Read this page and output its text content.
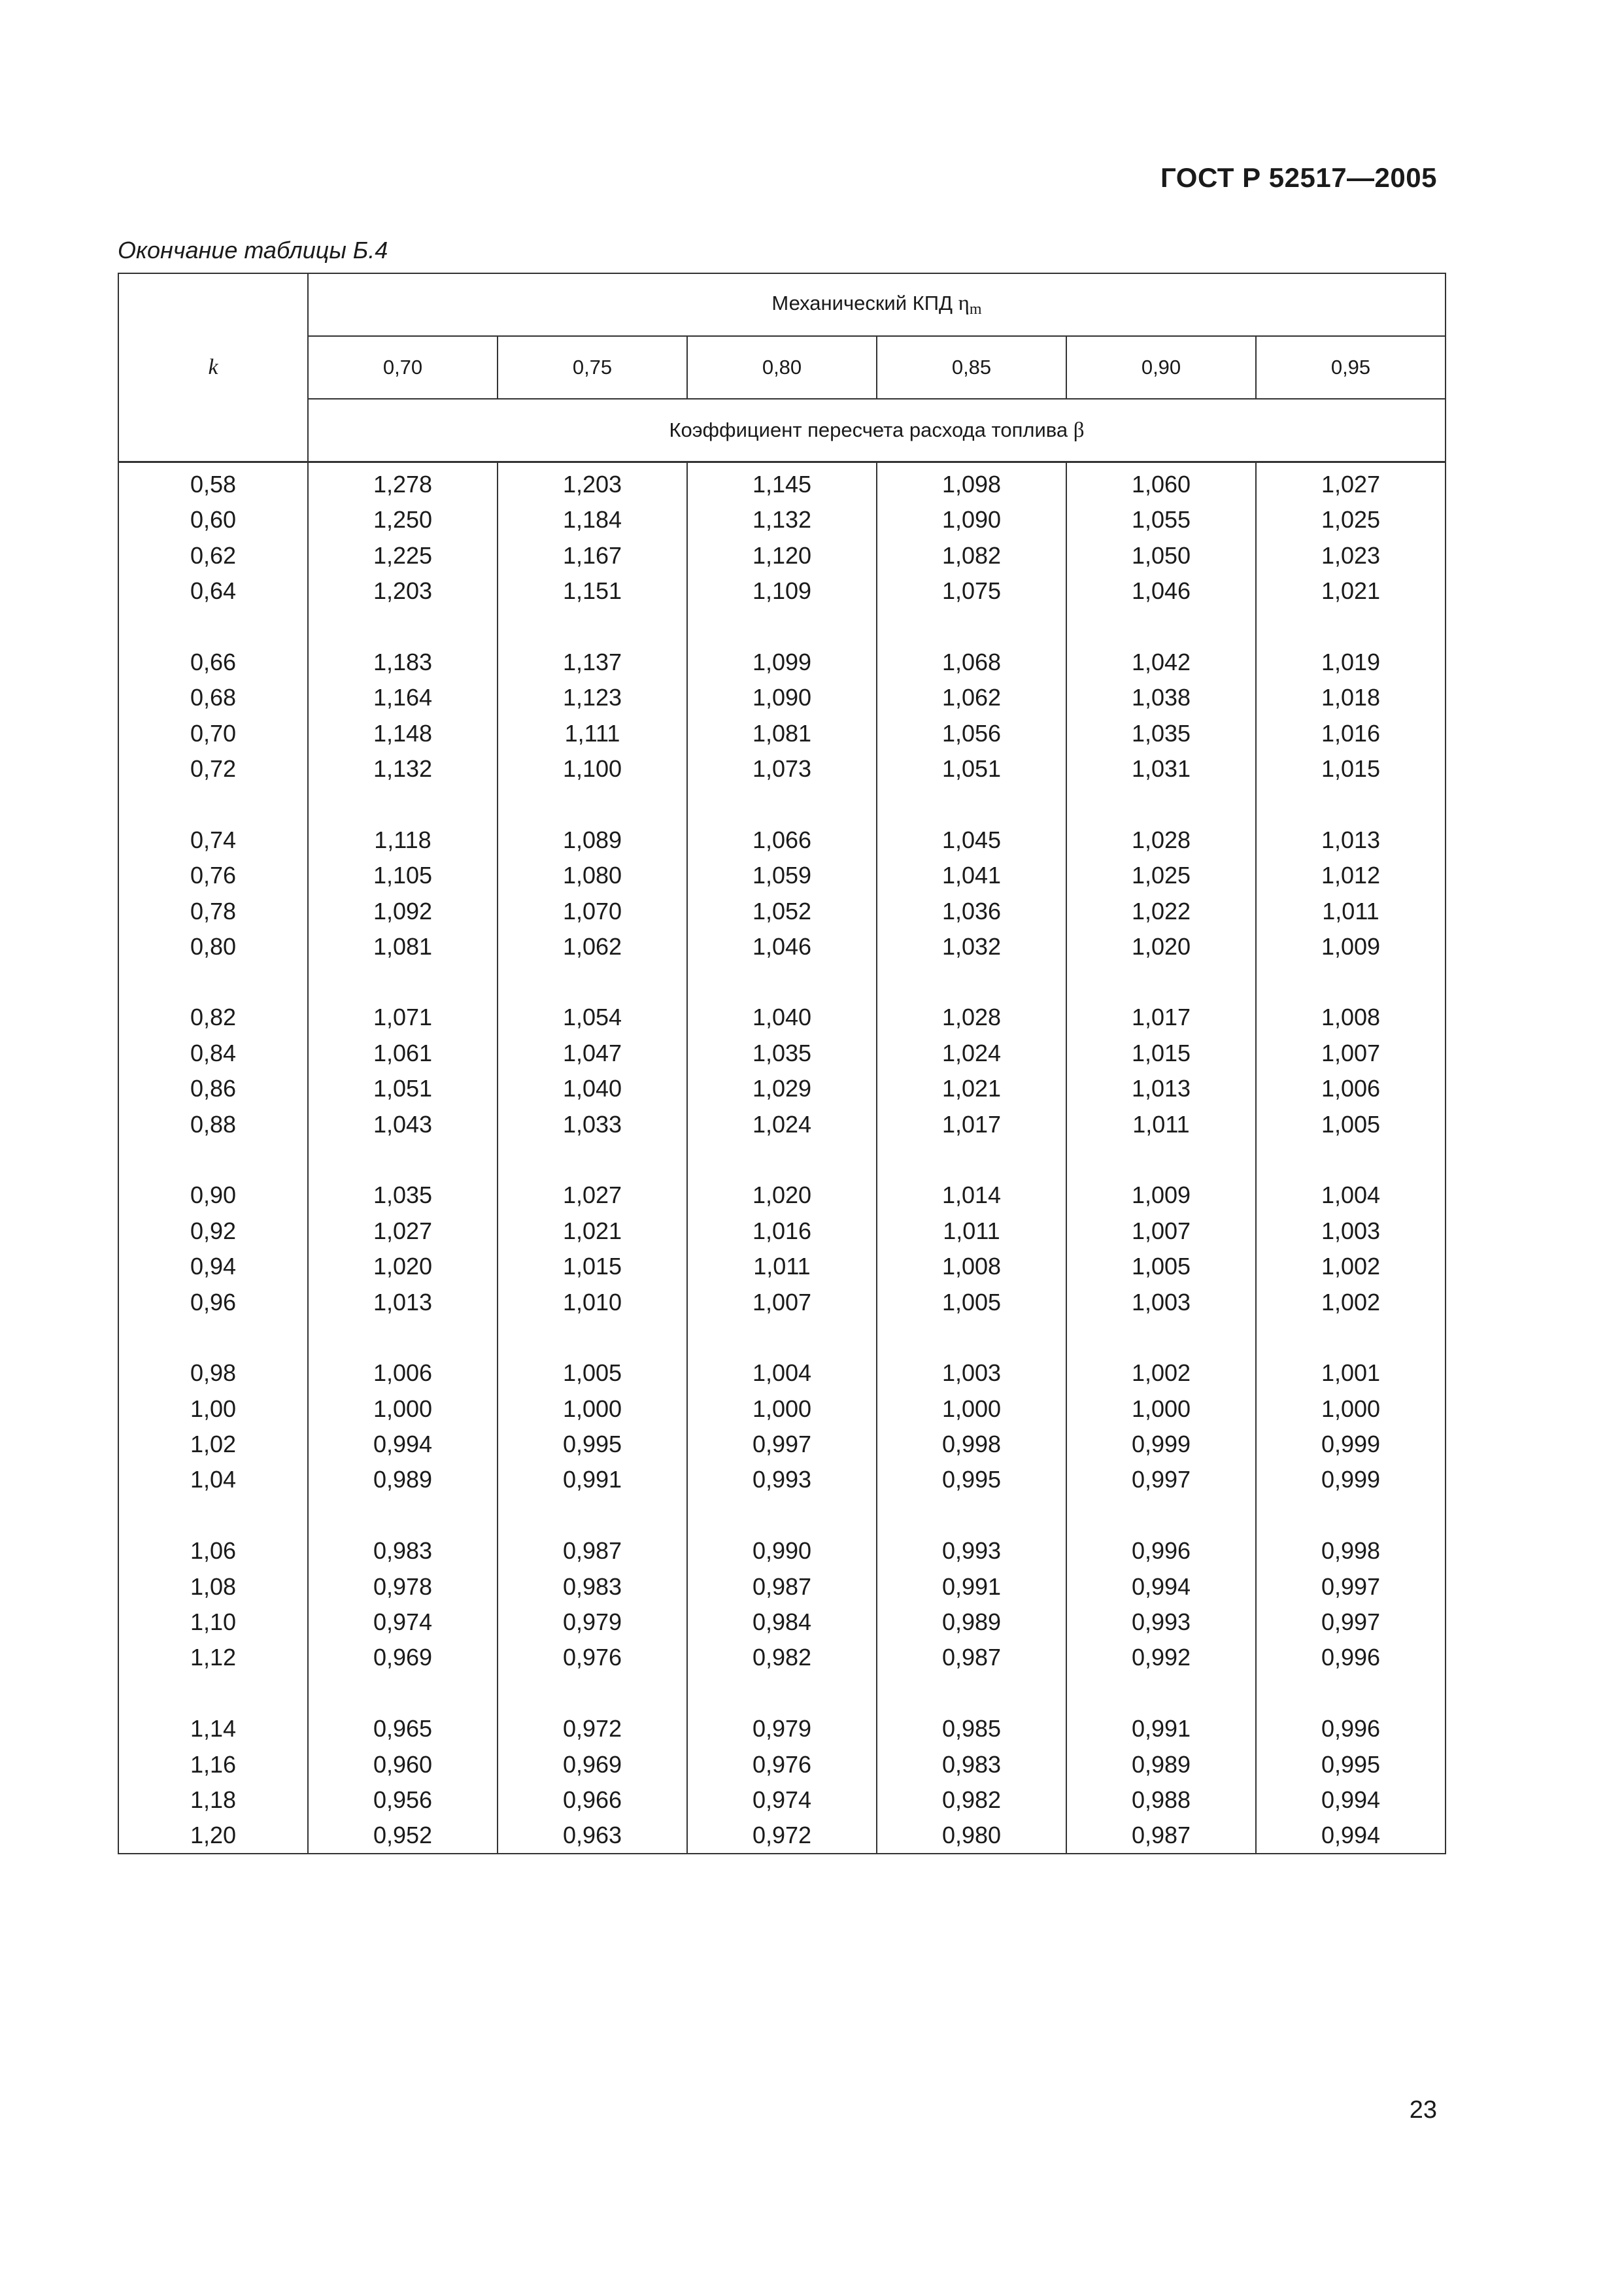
ГОСТ Р 52517—2005
Окончание таблицы Б.4
k	Механический КПД $\eta_m$
	0,70	0,75	0,80	0,85	0,90	0,95
	Коэффициент пересчета расхода топлива β					
0,58	1,278	1,203	1,145	1,098	1,060	1,027
0,60	1,250	1,184	1,132	1,090	1,055	1,025
0,62	1,225	1,167	1,120	1,082	1,050	1,023
0,64	1,203	1,151	1,109	1,075	1,046	1,021
0,66	1,183	1,137	1,099	1,068	1,042	1,019
0,68	1,164	1,123	1,090	1,062	1,038	1,018
0,70	1,148	1,111	1,081	1,056	1,035	1,016
0,72	1,132	1,100	1,073	1,051	1,031	1,015
0,74	1,118	1,089	1,066	1,045	1,028	1,013
0,76	1,105	1,080	1,059	1,041	1,025	1,012
0,78	1,092	1,070	1,052	1,036	1,022	1,011
0,80	1,081	1,062	1,046	1,032	1,020	1,009
0,82	1,071	1,054	1,040	1,028	1,017	1,008
0,84	1,061	1,047	1,035	1,024	1,015	1,007
0,86	1,051	1,040	1,029	1,021	1,013	1,006
0,88	1,043	1,033	1,024	1,017	1,011	1,005
0,90	1,035	1,027	1,020	1,014	1,009	1,004
0,92	1,027	1,021	1,016	1,011	1,007	1,003
0,94	1,020	1,015	1,011	1,008	1,005	1,002
0,96	1,013	1,010	1,007	1,005	1,003	1,002
0,98	1,006	1,005	1,004	1,003	1,002	1,001
1,00	1,000	1,000	1,000	1,000	1,000	1,000
1,02	0,994	0,995	0,997	0,998	0,999	0,999
1,04	0,989	0,991	0,993	0,995	0,997	0,999
1,06	0,983	0,987	0,990	0,993	0,996	0,998
1,08	0,978	0,983	0,987	0,991	0,994	0,997
1,10	0,974	0,979	0,984	0,989	0,993	0,997
1,12	0,969	0,976	0,982	0,987	0,992	0,996
1,14	0,965	0,972	0,979	0,985	0,991	0,996
1,16	0,960	0,969	0,976	0,983	0,989	0,995
1,18	0,956	0,966	0,974	0,982	0,988	0,994
1,20	0,952	0,963	0,972	0,980	0,987	0,994
23
